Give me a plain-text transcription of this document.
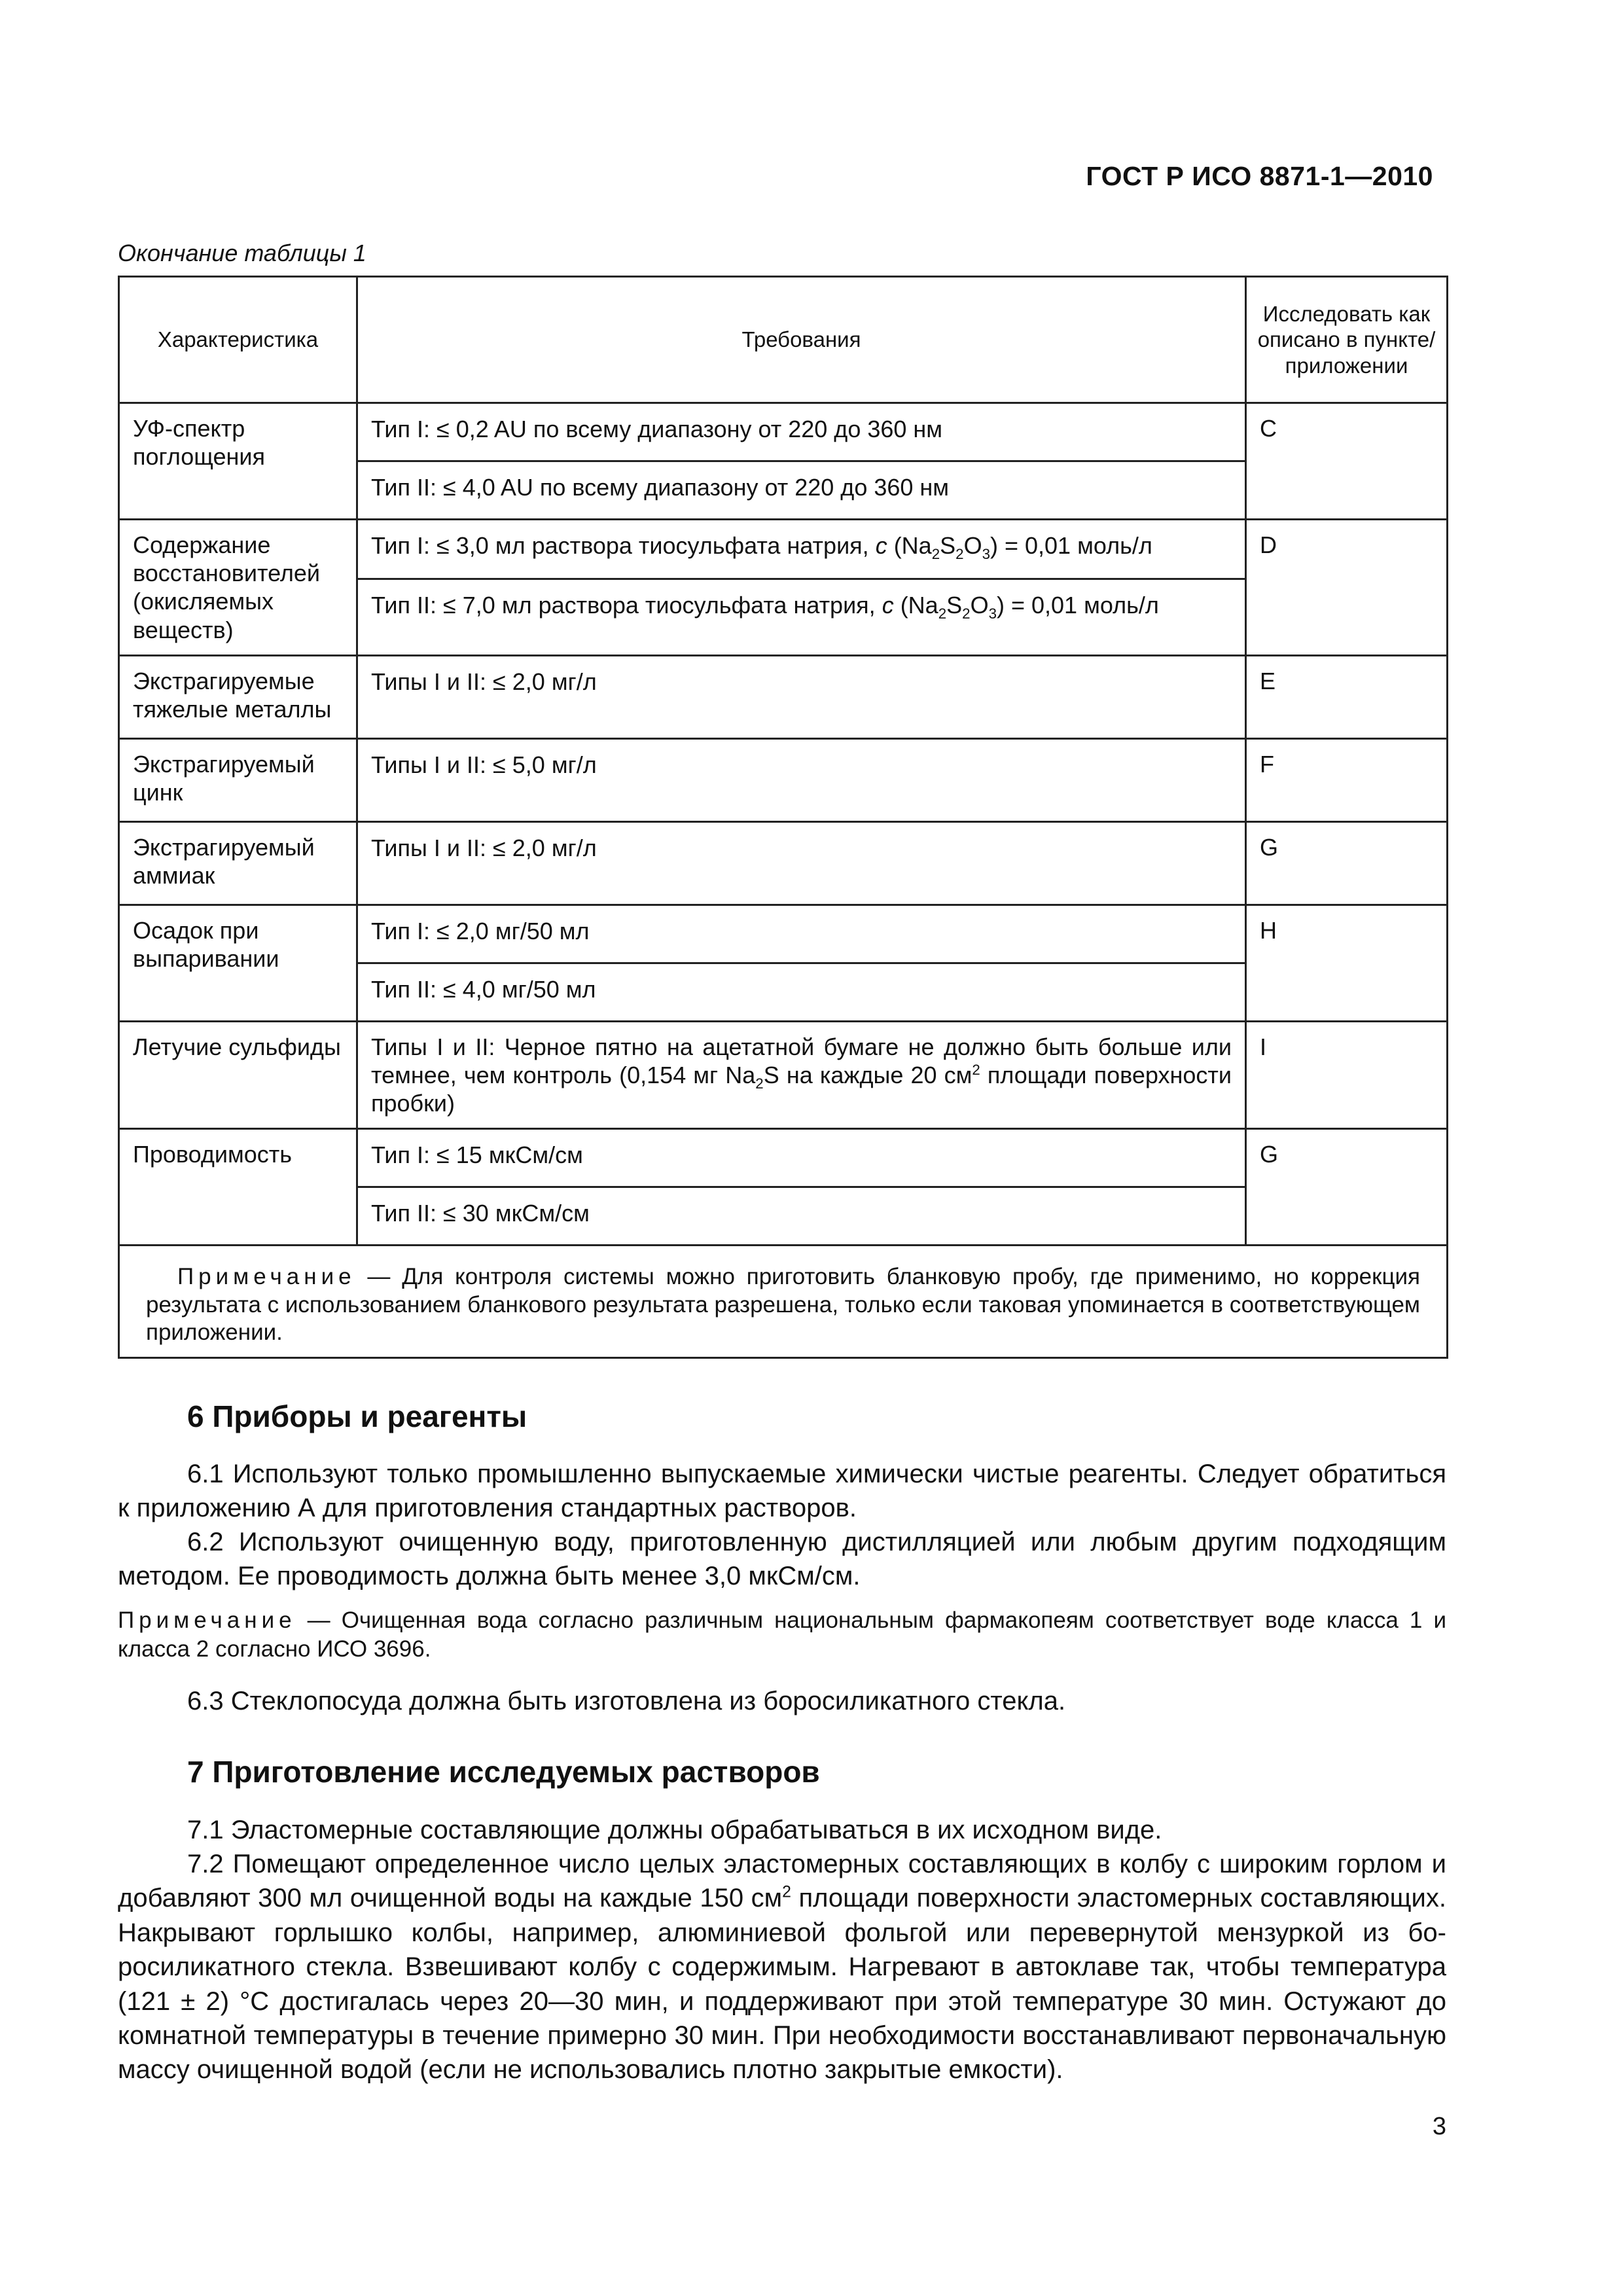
ГОСТ Р ИСО 8871-1—2010
Окончание таблицы 1
Характеристика	Требования	Исследовать как описано в пункте/ приложении
УФ-спектр поглощения	Тип I: ≤ 0,2 AU по всему диапазону от 220 до 360 нм	C
	Тип II: ≤ 4,0 AU по всему диапазону от 220 до 360 нм	
Содержание восстановителей (окисляемых веществ)	Тип I: ≤ 3,0 мл раствора тиосульфата натрия, c $(Na_2S_2O_3) = 0,01$ моль/л	D
	Тип II: ≤ 7,0 мл раствора тиосульфата натрия, c $(Na_2S_2O_3) = 0,01$ моль/л	
Экстрагируемые тяжелые металлы	Типы I и II: ≤ 2,0 мг/л	E
Экстрагируемый цинк	Типы I и II: ≤ 5,0 мг/л	F
Экстрагируемый аммиак	Типы I и II: ≤ 2,0 мг/л	G
Осадок при выпаривании	Тип I: ≤ 2,0 мг/50 мл	H
	Тип II: ≤ 4,0 мг/50 мл	
Летучие сульфиды	Типы I и II: Черное пятно на ацетатной бумаге не должно быть больше или темнее, чем контроль (0,154 мг $Na_2S$ на каждые 20 $см^2$ площади поверхности пробки)	I
Проводимость	Тип I: ≤ 15 мкСм/см	G
	Тип II: ≤ 30 мкСм/см	
Примечание — Для контроля системы можно приготовить бланковую пробу, где применимо, но коррекция результата с использованием бланкового результата разрешена, только если таковая упоминается в соответствующем приложении.		
6 Приборы и реагенты

6.1 Используют только промышленно выпускаемые химически чистые реагенты. Следует обратиться к приложению А для приготовления стандартных растворов.

6.2 Используют очищенную воду, приготовленную дистилляцией или любым другим подходящим методом. Ее проводимость должна быть менее 3,0 мкСм/см.

Примечание — Очищенная вода согласно различным национальным фармакопеям соответствует воде класса 1 и класса 2 согласно ИСО 3696.

6.3 Стеклопосуда должна быть изготовлена из боросиликатного стекла.

7 Приготовление исследуемых растворов

7.1 Эластомерные составляющие должны обрабатываться в их исходном виде.

7.2 Помещают определенное число целых эластомерных составляющих в колбу с широким горлом и добавляют 300 мл очищенной воды на каждые 150 $см^2$ площади поверхности эластомерных составляющих. Накрывают горлышко колбы, например, алюминиевой фольгой или перевернутой мензуркой из боросиликатного стекла. Взвешивают колбу с содержимым. Нагревают в автоклаве так, чтобы температура (121 ± 2) °С достигалась через 20—30 мин, и поддерживают при этой температуре 30 мин. Остужают до комнатной температуры в течение примерно 30 мин. При необходимости восстанавливают первоначальную массу очищенной водой (если не использовались плотно закрытые емкости).

3
